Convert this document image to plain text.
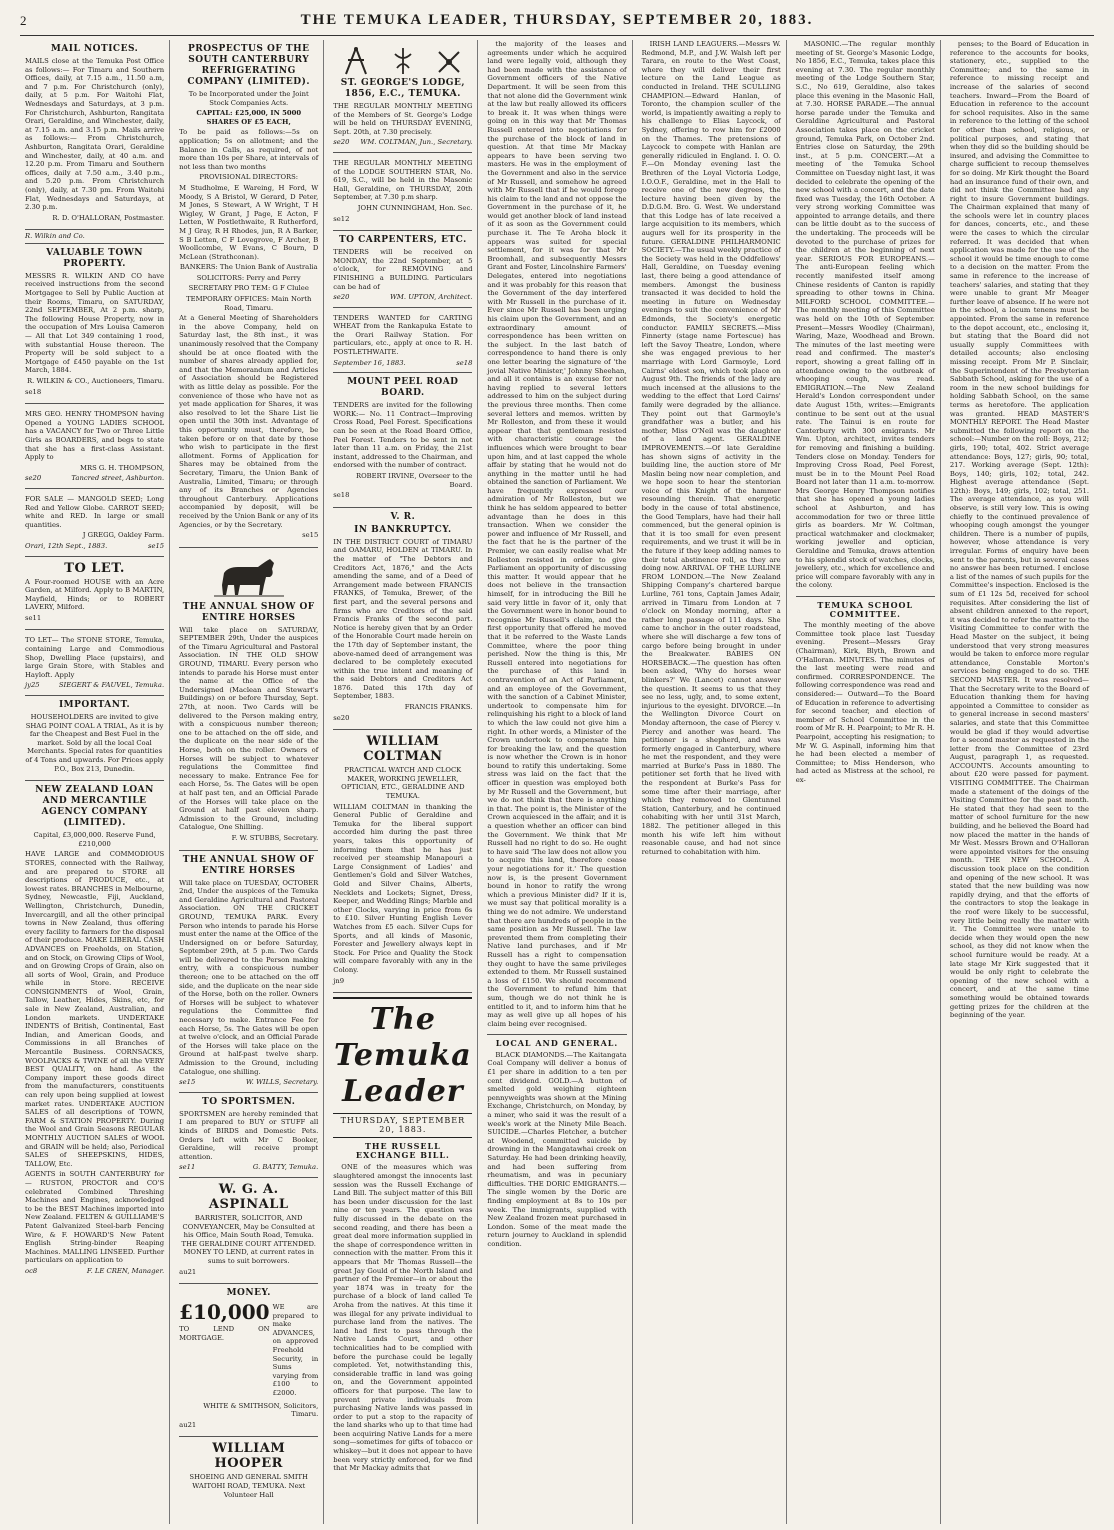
2	THE TEMUKA LEADER, THURSDAY, SEPTEMBER 20, 1883.
MAIL NOTICES.

MAILS close at the Temuka Post Office as follows:— For Timaru and Southern Offices, daily, at 7.15 a.m., 11.50 a.m, and 7 p.m. For Christchurch (only), daily, at 5 p.m. For Waitohi Flat, Wednesdays and Saturdays, at 3 p.m. For Christchurch, Ashburton, Rangitata Orari, Geraldine, and Winchester, daily, at 7.15 a.m. and 3.15 p.m. Mails arrive as follows:— From Christchurch, Ashburton, Rangitata Orari, Geraldine and Winchester, daily, at 40 a.m. and 12.20 p.m. From Timaru and Southern offices, daily at 7.50 a.m., 3.40 p.m., and 5.20 p.m. From Christchurch (only), daily, at 7.30 pm. From Waitohi Flat, Wednesdays and Saturdays, at 2.30 p.m.

R. D. O'HALLORAN, Postmaster.

R. Wilkin and Co.

VALUABLE TOWN PROPERTY.

MESSRS R. WILKIN AND CO have received instructions from the second Mortgagee to Sell by Public Auction at their Rooms, Timaru, on SATURDAY, 22nd SEPTEMBER, At 2 p.m. sharp, The following House Property, now in the occupation of Mrs Louisa Cameron— All that Lot 349 containing 1 rood, with substantial House thereon. The Property will be sold subject to a Mortgage of £450 payable on the 1st March, 1884.

R. WILKIN & CO., Auctioneers, Timaru.

se18

MRS GEO. HENRY THOMPSON having Opened a YOUNG LADIES SCHOOL has a VACANCY for Two or Three Little Girls as BOARDERS, and begs to state that she has a first-class Assistant. Apply to

MRS G. H. THOMPSON,

se20	Tancred street, Ashburton.

FOR SALE — MANGOLD SEED; Long Red and Yellow Globe. CARROT SEED; white and RED. In large or small quantities.

J GREGG, Oakley Farm.

Orari, 12th Sept., 1883.	se15
TO LET.

A Four-roomed HOUSE with an Acre Garden, at Milford. Apply to B MARTIN, Mayfield, Hinds; or to ROBERT LAVERY, Milford.

se11

TO LET— The STONE STORE, Temuka, containing Large and Commodious Shop, Dwelling Place (upstairs), and large Grain Store, with Stables and Hayloft. Apply

jy25	SIEGERT & FAUVEL, Temuka.
IMPORTANT.

HOUSEHOLDERS are invited to give SHAG POINT COAL A TRIAL, As it is by far the Cheapest and Best Fuel in the market. Sold by all the local Coal Merchants. Special rates for quantities of 4 Tons and upwards. For Prices apply P.O., Box 213, Dunedin.

NEW ZEALAND LOAN AND MERCANTILE AGENCY COMPANY (LIMITED).

Capital, £3,000,000. Reserve Fund, £210,000

HAVE LARGE and COMMODIOUS STORES, connected with the Railway, and are prepared to STORE all descriptions of PRODUCE, etc., at lowest rates. BRANCHES in Melbourne, Sydney, Newcastle, Fiji, Auckland, Wellington, Christchurch, Dunedin, Invercargill, and all the other principal towns in New Zealand, thus offering every facility to farmers for the disposal of their produce. MAKE LIBERAL CASH ADVANCES on Freeholds, on Station, and on Stock, on Growing Clips of Wool, and on Growing Crops of Grain, also on all sorts of Wool, Grain, and Produce while in Store. RECEIVE CONSIGNMENTS of Wool, Grain, Tallow, Leather, Hides, Skins, etc, for sale in New Zealand, Australian, and London markets. UNDERTAKE INDENTS of British, Continental, East Indian, and American Goods, and Commissions in all Branches of Mercantile Business. CORNSACKS, WOOLPACKS & TWINE of all the VERY BEST QUALITY, on hand. As the Company import these goods direct from the manufacturers, constituents can rely upon being supplied at lowest market rates. UNDERTAKE AUCTION SALES of all descriptions of TOWN, FARM & STATION PROPERTY. During the Wool and Grain Seasons REGULAR MONTHLY AUCTION SALES of WOOL and GRAIN will be held; also, Periodical SALES of SHEEPSKINS, HIDES, TALLOW, Etc.

AGENTS in SOUTH CANTERBURY for— RUSTON, PROCTOR and CO'S celebrated Combined Threshing Machines and Engines, acknowledged to be the BEST Machines imported into New Zealand. FELTEN & GUILLIAME'S Patent Galvanized Steel-barb Fencing Wire, & F. HOWARD'S New Patent English String-binder Reaping Machines. MALLING LINSEED. Further particulars on application to

oc8	F. LE CREN, Manager.
PROSPECTUS OF THE SOUTH CANTERBURY REFRIGERATING COMPANY (LIMITED).

To be Incorporated under the Joint Stock Companies Acts.

CAPITAL: £25,000, IN 5000 SHARES OF £5 EACH,

To be paid as follows:—5s on application; 5s on allotment; and the Balance in Calls, as required, of not more than 10s per Share, at intervals of not less than two months

PROVISIONAL DIRECTORS:

M Studholme, E Wareing, H Ford, W Moody, S A Bristol, W Gerard, D Peter, M Jones, S Stewart, A W Wright, T H Wigley, W Grant, J Page, E Acton, F Letten, W Postlethwaite, R Rutherford, M J Gray, R H Rhodes, jun, R A Barker, S B Letten, C F Lovegrove, F Archer, B Woollcombe, W Evans, C Bourn, D McLean (Strathconan).

BANKERS: The Union Bank of Australia

SOLICITORS: Perry and Perry

SECRETARY PRO TEM: G F Clulee

TEMPORARY OFFICES: Main North Road, Timaru.

At a General Meeting of Shareholders in the above Company, held on Saturday last, the 8th inst., it was unanimously resolved that the Company should be at once floated with the number of shares already applied for, and that the Memorandum and Articles of Association should be Registered with as little delay as possible. For the convenience of those who have not as yet made application for Shares, it was also resolved to let the Share List lie open until the 30th inst. Advantage of this opportunity must, therefore, be taken before or on that date by those who wish to participate in the first allotment. Forms of Application for Shares may be obtained from the Secretary, Timaru, the Union Bank of Australia, Limited, Timaru; or through any of its Branches or Agencies throughout Canterbury. Applications accompanied by deposit, will be received by the Union Bank or any of its Agencies, or by the Secretary.

se15

THE ANNUAL SHOW OF ENTIRE HORSES

Will take place on SATURDAY, SEPTEMBER 29th, Under the auspices of the Timaru Agricultural and Pastoral Association. IN THE OLD SHOW GROUND, TIMARU. Every person who intends to parade his Horse must enter the name at the Office of the Undersigned (Maclean and Stewart's Buildings) on or before Thursday, Sept. 27th, at noon. Two Cards will be delivered to the Person making entry, with a conspicuous number thereon; one to be attached on the off side, and the duplicate on the near side of the Horse, both on the roller. Owners of Horses will be subject to whatever regulations the Committee find necessary to make. Entrance Fee for each Horse, 5s. The Gates will be open at half past ten, and an Official Parade of the Horses will take place on the Ground at half past eleven sharp. Admission to the Ground, including Catalogue, One Shilling.

F. W. STUBBS, Secretary.

THE ANNUAL SHOW OF ENTIRE HORSES

Will take place on TUESDAY, OCTOBER 2nd, Under the auspices of the Temuka and Geraldine Agricultural and Pastoral Association. ON THE CRICKET GROUND, TEMUKA PARK. Every Person who intends to parade his Horse must enter the name at the Office of the Undersigned on or before Saturday, September 29th, at 5 p.m. Two Cards will be delivered to the Person making entry, with a conspicuous number thereon; one to be attached on the off side, and the duplicate on the near side of the Horse, both on the roller. Owners of Horses will be subject to whatever regulations the Committee find necessary to make. Entrance Fee for each Horse, 5s. The Gates will be open at twelve o'clock, and an Official Parade of the Horses will take place on the Ground at half-past twelve sharp. Admission to the Ground, including Catalogue, one shilling.

se15	W. WILLS, Secretary.
TO SPORTSMEN.

SPORTSMEN are hereby reminded that I am prepared to BUY or STUFF all kinds of BIRDS and Domestic Pets. Orders left with Mr C Booker, Geraldine, will receive prompt attention.

se11	G. BATTY, Temuka.
W. G. A. ASPINALL

BARRISTER, SOLICITOR, AND CONVEYANCER, May be Consulted at his Office, Main South Road, Temuka. THE GERALDINE COURT ATTENDED. MONEY TO LEND, at current rates in sums to suit borrowers.

au21

MONEY.
£10,000

TO LEND ON MORTGAGE.

WE are prepared to make ADVANCES, on approved Freehold Security, in Sums varying from £100 to £2000.

WHITE & SMITHSON, Solicitors, Timaru.

au21

WILLIAM HOOPER

SHOEING AND GENERAL SMITH WAITOHI ROAD, TEMUKA. Next Volunteer Hall

ST. GEORGE'S LODGE, 1856, E.C., TEMUKA.

THE REGULAR MONTHLY MEETING of the Members of St. George's Lodge will be held on THURSDAY EVENING, Sept. 20th, at 7.30 precisely.

se20 WM. COLTMAN, Jun., Secretary.

THE REGULAR MONTHLY MEETING of the LODGE SOUTHERN STAR, No. 619, S.C., will be held in the Masonic Hall, Geraldine, on THURSDAY, 20th September, at 7.30 p.m sharp.

JOHN CUNNINGHAM, Hon. Sec.

se12

TO CARPENTERS, ETC.

TENDERS will be received on MONDAY, the 22nd September, at 5 o'clock, for REMOVING and FINISHING a BUILDING. Particulars can be had of

se20	WM. UPTON, Architect.

TENDERS WANTED for CARTING WHEAT from the Rankapuka Estate to the Orari Railway Station. For particulars, etc., apply at once to R. H. POSTLETHWAITE.

September 16, 1883.	se18
MOUNT PEEL ROAD BOARD.

TENDERS are invited for the following WORK:— No. 11 Contract—Improving Cross Road, Peel Forest. Specifications can be seen at the Road Board Office, Peel Forest. Tenders to be sent in not later than 11 a.m. on Friday, the 21st instant, addressed to the Chairman, and endorsed with the number of contract.

ROBERT IRVINE, Overseer to the Board.

se18

V. R.
IN BANKRUPTCY.

IN THE DISTRICT COURT of TIMARU and OAMARU, HOLDEN at TIMARU. In the matter of "The Debtors and Creditors Act, 1876," and the Acts amending the same, and of a Deed of Arrangement made between FRANCIS FRANKS, of Temuka, Brewer, of the first part, and the several persons and firms who are Creditors of the said Francis Franks of the second part. Notice is hereby given that by an Order of the Honorable Court made herein on the 17th day of September instant, the above-named deed of arrangement was declared to be completely executed within the true intent and meaning of the said Debtors and Creditors Act 1876. Dated this 17th day of September, 1883.

FRANCIS FRANKS.

se20

WILLIAM COLTMAN

PRACTICAL WATCH AND CLOCK MAKER, WORKING JEWELLER, OPTICIAN, ETC., GERALDINE AND TEMUKA.

WILLIAM COLTMAN in thanking the General Public of Geraldine and Temuka for the liberal support accorded him during the past three years, takes this opportunity of informing them that he has just received per steamship Manapouri a Large Consignment of Ladies' and Gentlemen's Gold and Silver Watches, Gold and Silver Chains, Alberts, Necklets and Lockets; Signet, Dress, Keeper, and Wedding Rings; Marble and other Clocks, varying in price from 6s to £10. Silver Hunting English Lever Watches from £5 each. Silver Cups for Sports, and all kinds of Masonic, Forester and Jewellery always kept in Stock. For Price and Quality the Stock will compare favorably with any in the Colony.

jn9

The Temuka Leader
THURSDAY, SEPTEMBER 20, 1883.
THE RUSSELL EXCHANGE BILL.

ONE of the measures which was slaughtered amongst the innocents last session was the Russell Exchange of Land Bill. The subject matter of this Bill has been under discussion for the last nine or ten years. The question was fully discussed in the debate on the second reading, and there has been a great deal more information supplied in the shape of correspondence written in connection with the matter. From this it appears that Mr Thomas Russell—the great Jay Gould of the North Island and partner of the Premier—in or about the year 1874 was in treaty for the purchase of a block of land called Te Aroha from the natives. At this time it was illegal for any private individual to purchase land from the natives. The land had first to pass through the Native Lands Court, and other technicalities had to be complied with before the purchase could be legally completed. Yet, notwithstanding this, considerable traffic in land was going on, and the Government appointed officers for that purpose. The law to prevent private individuals from purchasing Native lands was passed in order to put a stop to the rapacity of the land sharks who up to that time had been acquiring Native Lands for a mere song—sometimes for gifts of tobacco or whiskey—but it does not appear to have been very strictly enforced, for we find that Mr Mackay admits that

the majority of the leases and agreements under which he acquired land were legally void, although they had been made with the assistance of Government officers of the Native Department. It will be seen from this that not alone did the Government wink at the law but really allowed its officers to break it. It was when things were going on in this way that Mr Thomas Russell entered into negotiations for the purchase of the block of land in question. At that time Mr Mackay appears to have been serving two masters. He was in the employment of the Government and also in the service of Mr Russell, and somehow he agreed with Mr Russell that if he would forego his claim to the land and not oppose the Government in the purchase of it, he would get another block of land instead of it as soon as the Government could purchase it. The Te Aroha block it appears was suited for special settlement, for it was for that Mr Broomhall, and subsequently Messrs Grant and Foster, Lincolnshire Farmers' Delegates, entered into negotiations and it was probably for this reason that the Government of the day interfered with Mr Russell in the purchase of it. Ever since Mr Russell has been urging his claim upon the Government, and an extraordinary amount of correspondence has been written on the subject. In the last batch of correspondence to hand there is only one letter bearing the signature of 'the jovial Native Minister,' Johnny Sheehan, and all it contains is an excuse for not having replied to several letters addressed to him on the subject during the previous three months. Then come several letters and memos. written by Mr Rolleston, and from these it would appear that that gentleman resisted with characteristic courage the influences which were brought to bear upon him, and at last capped the whole affair by stating that he would not do anything in the matter until he had obtained the sanction of Parliament. We have frequently expressed our admiration of Mr Rolleston, but we think he has seldom appeared to better advantage than he does in this transaction. When we consider the power and influence of Mr Russell, and the fact that he is the partner of the Premier, we can easily realise what Mr Rolleston resisted in order to give Parliament an opportunity of discussing this matter. It would appear that he does not believe in the transaction himself, for in introducing the Bill he said very little in favor of it, only that the Government were in honor bound to recognise Mr Russell's claim, and the first opportunity that offered he moved that it be referred to the Waste Lands Committee, where the poor thing perished. Now the thing is this, Mr Russell entered into negotiations for the purchase of this land in contravention of an Act of Parliament, and an employee of the Government, with the sanction of a Cabinet Minister, undertook to compensate him for relinquishing his right to a block of land to which the law could not give him a right. In other words, a Minister of the Crown undertook to compensate him for breaking the law, and the question is now whether the Crown is in honor bound to ratify this undertaking. Some stress was laid on the fact that the officer in question was employed both by Mr Russell and the Government, but we do not think that there is anything in that. The point is, the Minister of the Crown acquiesced in the affair, and it is a question whether an officer can bind the Government. We think that Mr Russell had no right to do so. He ought to have said 'The law does not allow you to acquire this land, therefore cease your negotiations for it.' The question now is, is the present Government bound in honor to ratify the wrong which a previous Minister did? If it is, we must say that political morality is a thing we do not admire. We understand that there are hundreds of people in the same position as Mr Russell. The law prevented them from completing their Native land purchases, and if Mr Russell has a right to compensation they ought to have the same privileges extended to them. Mr Russell sustained a loss of £150. We should recommend the Government to refund him that sum, though we do not think he is entitled to it, and to inform him that he may as well give up all hopes of his claim being ever recognised.

LOCAL AND GENERAL.

BLACK DIAMONDS.—The Kaitangata Coal Company will deliver a bonus of £1 per share in addition to a ten per cent dividend. GOLD.—A button of smelted gold weighing eighteen pennyweights was shown at the Mining Exchange, Christchurch, on Monday, by a miner, who said it was the result of a week's work at the Ninety Mile Beach. SUICIDE.—Charles Fletcher, a butcher at Woodend, committed suicide by drowning in the Mangatawhai creek on Saturday. He had been drinking heavily, and had been suffering from rheumatism, and was in pecuniary difficulties. THE DORIC EMIGRANTS.—The single women by the Doric are finding employment at 8s to 10s per week. The immigrants, supplied with New Zealand frozen meat purchased in London. Some of the meat made the return journey to Auckland in splendid condition.

IRISH LAND LEAGUERS.—Messrs W. Redmond, M.P., and J.W. Walsh left per Tarara, en route to the West Coast, where they will deliver their first lecture on the Land League as conducted in Ireland. THE SCULLING CHAMPION.—Edward Hanlan, of Toronto, the champion sculler of the world, is impatiently awaiting a reply to his challenge to Elias Laycock, of Sydney, offering to row him for £2000 on the Thames. The pretensions of Laycock to compete with Hanlan are generally ridiculed in England. I. O. O. F.—On Monday evening last the Brethren of the Loyal Victoria Lodge, I.O.O.F., Geraldine, met in the Hall to receive one of the new degrees, the lecture having been given by the D.D.G.M. Bro. G. West. We understand that this Lodge has of late received a large acquisition to its members, which augurs well for its prosperity in the future. GERALDINE PHILHARMONIC SOCIETY.—The usual weekly practice of the Society was held in the Oddfellows' Hall, Geraldine, on Tuesday evening last, there being a good attendance of members. Amongst the business transacted it was decided to hold the meeting in future on Wednesday evenings to suit the convenience of Mr Edmonds, the Society's energetic conductor. FAMILY SECRETS.—Miss Finnerty (stage name Fortescue) has left the Savoy Theatre, London, where she was engaged previous to her marriage with Lord Garmoyle, Lord Cairns' eldest son, which took place on August 9th. The friends of the lady are much incensed at the allusions to the wedding to the effect that Lord Cairns' family were degraded by the alliance. They point out that Garmoyle's grandfather was a butler, and his mother, Miss O'Neil was the daughter of a land agent. GERALDINE IMPROVEMENTS.—Of late Geraldine has shown signs of activity in the building line, the auction store of Mr Maslin being now near completion, and we hope soon to hear the stentorian voice of this Knight of the hammer resounding therein. That energetic body in the cause of total abstinence, the Good Templars, have had their hall commenced, but the general opinion is that it is too small for even present requirements, and we trust it will be in the future if they keep adding names to their total abstinence roll, as they are doing now. ARRIVAL OF THE LURLINE FROM LONDON.—The New Zealand Shipping Company's chartered barque Lurline, 761 tons, Captain James Adair, arrived in Timaru from London at 7 o'clock on Monday morning, after a rather long passage of 111 days. She came to anchor in the outer roadstead, where she will discharge a few tons of cargo before being brought in under the Breakwater. BABIES ON HORSEBACK.—The question has often been asked, 'Why do horses wear blinkers?' We (Lancet) cannot answer the question. It seems to us that they see no less, ugly, and, to some extent, injurious to the eyesight. DIVORCE.—In the Wellington Divorce Court on Monday afternoon, the case of Piercy v. Piercy and another was heard. The petitioner is a shepherd, and was formerly engaged in Canterbury, where he met the respondent, and they were married at Burke's Pass in 1880. The petitioner set forth that he lived with the respondent at Burke's Pass for some time after their marriage, after which they removed to Glentunnel Station, Canterbury, and he continued cohabiting with her until 31st March, 1882. The petitioner alleged in this month his wife left him without reasonable cause, and had not since returned to cohabitation with him.

MASONIC.—The regular monthly meeting of St. George's Masonic Lodge, No 1856, E.C., Temuka, takes place this evening at 7.30. The regular monthly meeting of the Lodge Southern Star, S.C., No 619, Geraldine, also takes place this evening in the Masonic Hall, at 7.30. HORSE PARADE.—The annual horse parade under the Temuka and Geraldine Agricultural and Pastoral Association takes place on the cricket ground, Temuka Park, on October 2nd. Entries close on Saturday, the 29th inst., at 5 p.m. CONCERT.—At a meeting of the Temuka School Committee on Tuesday night last, it was decided to celebrate the opening of the new school with a concert, and the date fixed was Tuesday, the 16th October. A very strong working Committee was appointed to arrange details, and there can be little doubt as to the success of the undertaking. The proceeds will be devoted to the purchase of prizes for the children at the beginning of next year. SERIOUS FOR EUROPEANS.—The anti-European feeling which recently manifested itself among Chinese residents of Canton is rapidly spreading to other towns in China. MILFORD SCHOOL COMMITTEE.—The monthly meeting of this Committee was held on the 10th of September. Present—Messrs Woodley (Chairman), Waring, Maze, Woodhead and Brown. The minutes of the last meeting were read and confirmed. The master's report, showing a great falling off in attendance owing to the outbreak of whooping cough, was read. EMIGRATION.—The New Zealand Herald's London correspondent under date August 15th, writes:—Emigrants continue to be sent out at the usual rate. The Tainui is en route for Canterbury with 300 emigrants. Mr Wm. Upton, architect, invites tenders for removing and finishing a building. Tenders close on Monday. Tenders for Improving Cross Road, Peel Forest, must be in to the Mount Peel Road Board not later than 11 a.m. to-morrow. Mrs George Henry Thompson notifies that she has opened a young ladies school at Ashburton, and has accommodation for two or three little girls as boarders. Mr W. Coltman, practical watchmaker and clockmaker, working jeweller and optician, Geraldine and Temuka, draws attention to his splendid stock of watches, clocks, jewellery, etc., which for excellence and price will compare favorably with any in the colony.

TEMUKA SCHOOL COMMITTEE.

The monthly meeting of the above Committee took place last Tuesday evening. Present—Messrs Gray (Chairman), Kirk, Blyth, Brown and O'Halloran. MINUTES. The minutes of the last meeting were read and confirmed. CORRESPONDENCE. The following correspondence was read and considered:— Outward—To the Board of Education in reference to advertising for second teacher, and election of member of School Committee in the room of Mr R. H. Pearpoint; to Mr R. H. Pearpoint, accepting his resignation; to Mr W. G. Aspinall, informing him that he had been elected a member of Committee; to Miss Henderson, who had acted as Mistress at the school, re ex-

penses; to the Board of Education in reference to the accounts for books, stationery, etc., supplied to the Committee; and to the same in reference to missing receipt and increase of the salaries of second teachers. Inward—From the Board of Education in reference to the account for school requisites. Also in the same in reference to the letting of the school for other than school, religious, or political purposes, and stating that when they did so the building should be insured, and advising the Committee to charge sufficient to recoup themselves for so doing. Mr Kirk thought the Board had an insurance fund of their own, and did not think the Committee had any right to insure Government buildings. The Chairman explained that many of the schools were let in country places for dances, concerts, etc., and these were the cases to which the circular referred. It was decided that when application was made for the use of the school it would be time enough to come to a decision on the matter. From the same in reference to the increase of teachers' salaries, and stating that they were unable to grant Mr Meager further leave of absence. If he were not in the school, a locum tenens must be appointed. From the same in reference to the depot account, etc., enclosing it, but stating that the Board did not usually supply Committees with detailed accounts; also enclosing missing receipt. From Mr P. Sinclair, the Superintendent of the Presbyterian Sabbath School, asking for the use of a room in the new school buildings for holding Sabbath School, on the same terms as heretofore. The application was granted. HEAD MASTER'S MONTHLY REPORT. The Head Master submitted the following report on the school:—Number on the roll: Boys, 212; girls, 190; total, 402. Strict average attendance: Boys, 127; girls, 90; total, 217. Working average (Sept. 12th): Boys, 140; girls, 102; total, 242. Highest average attendance (Sept. 12th): Boys, 149; girls, 102; total, 251. The average attendance, as you will observe, is still very low. This is owing chiefly to the continued prevalence of whooping cough amongst the younger children. There is a number of pupils, however, whose attendance is very irregular. Forms of enquiry have been sent to the parents, but in several cases no answer has been returned. I enclose a list of the names of such pupils for the Committee's inspection. Enclosed is the sum of £1 12s 5d, received for school requisites. After considering the list of absent children annexed to the report, it was decided to refer the matter to the Visiting Committee to confer with the Head Master on the subject, it being understood that very strong measures would be taken to enforce more regular attendance, Constable Morton's services being engaged to do so. THE SECOND MASTER. It was resolved—That the Secretary write to the Board of Education thanking them for having appointed a Committee to consider as to general increase in second masters' salaries, and state that this Committee would be glad if they would advertise for a second master as requested in the letter from the Committee of 23rd August, paragraph 1, as requested. ACCOUNTS. Accounts amounting to about £20 were passed for payment. VISITING COMMITTEE. The Chairman made a statement of the doings of the Visiting Committee for the past month. He stated that they had seen to the matter of school furniture for the new building, and he believed the Board had now placed the matter in the hands of Mr West. Messrs Brown and O'Halloran were appointed visitors for the ensuing month. THE NEW SCHOOL. A discussion took place on the condition and opening of the new school. It was stated that the new building was now rapidly drying, and that the efforts of the contractors to stop the leakage in the roof were likely to be successful, very little being really the matter with it. The Committee were unable to decide when they would open the new school, as they did not know when the school furniture would be ready. At a late stage Mr Kirk suggested that it would be only right to celebrate the opening of the new school with a concert, and at the same time something would be obtained towards getting prizes for the children at the beginning of the year.
